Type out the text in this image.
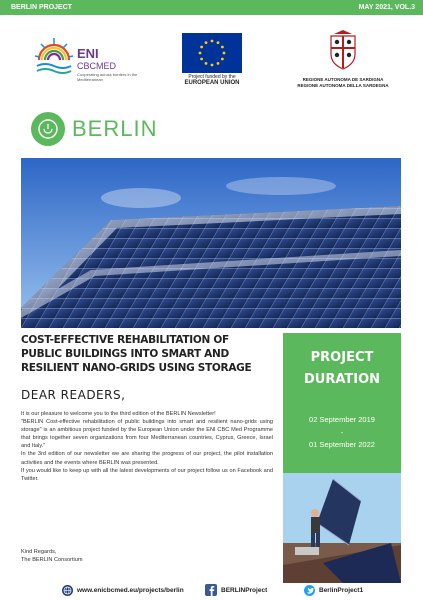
BERLIN PROJECT	MAY 2021, VOL.3
ENI
CBCMED
Cooperating across borders in the Mediterranean	Project funded by the
EUROPEAN UNION
REGIONE AUTONOMA DE SARDIGNA
REGIONE AUTONOMA DELLA SARDEGNA
BERLIN
COST-EFFECTIVE REHABILITATION OF PUBLIC BUILDINGS INTO SMART AND RESILIENT NANO-GRIDS USING STORAGE
PROJECT
DURATION
02 September 2019
-
01 September 2022
DEAR READERS,

It is our pleasure to welcome you to the third edition of the BERLIN Newsletter!

"BERLIN Cost-effective rehabilitation of public buildings into smart and resilient nano-grids using storage" is an ambitious project funded by the European Union under the ENI CBC Med Programme that brings together seven organizations from four Mediterranean countries, Cyprus, Greece, Israel and Italy."

In the 3rd edition of our newsletter we are sharing the progress of our project, the pilot installation activities and the events where BERLIN was presented.

If you would like to keep up with all the latest developments of our project follow us on Facebook and Twitter.

Kind Regards,
The BERLIN Consortium
www.enicbcmed.eu/projects/berlin	BERLINProject	BerlinProject1
